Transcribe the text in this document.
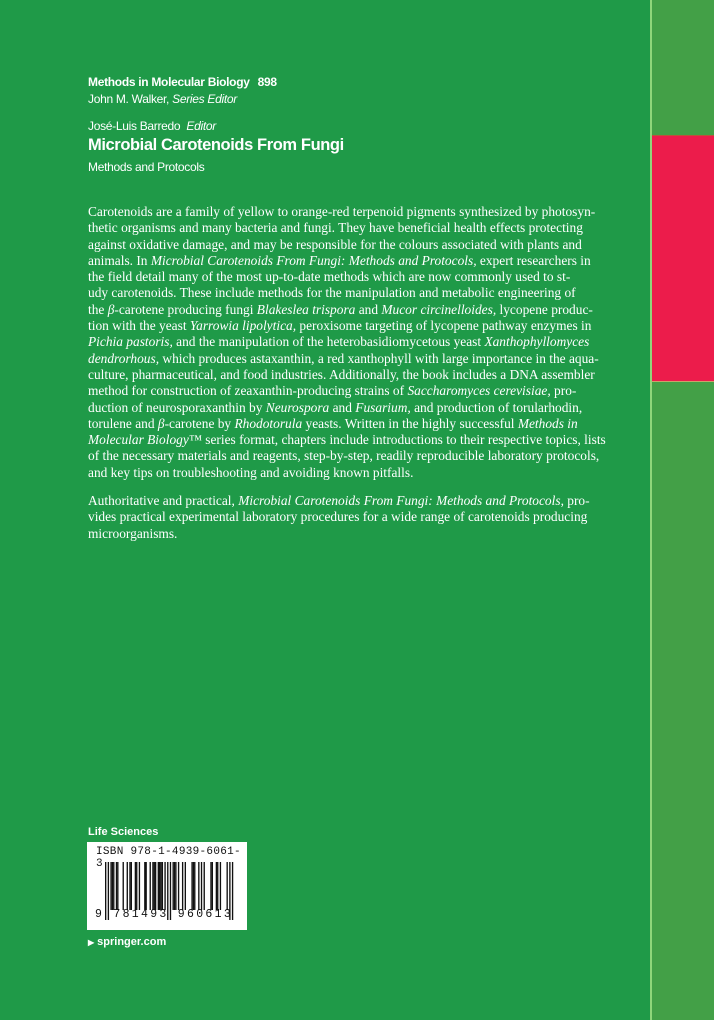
Methods in Molecular Biology 898
John M. Walker, Series Editor
José-Luis Barredo Editor
Microbial Carotenoids From Fungi
Methods and Protocols
Carotenoids are a family of yellow to orange-red terpenoid pigments synthesized by photosyn-
thetic organisms and many bacteria and fungi. They have beneficial health effects protecting
against oxidative damage, and may be responsible for the colours associated with plants and
animals. In Microbial Carotenoids From Fungi: Methods and Protocols, expert researchers in
the field detail many of the most up-to-date methods which are now commonly used to st-
udy carotenoids. These include methods for the manipulation and metabolic engineering of
the β-carotene producing fungi Blakeslea trispora and Mucor circinelloides, lycopene produc-
tion with the yeast Yarrowia lipolytica, peroxisome targeting of lycopene pathway enzymes in
Pichia pastoris, and the manipulation of the heterobasidiomycetous yeast Xanthophyllomyces
dendrorhous, which produces astaxanthin, a red xanthophyll with large importance in the aqua-
culture, pharmaceutical, and food industries. Additionally, the book includes a DNA assembler
method for construction of zeaxanthin-producing strains of Saccharomyces cerevisiae, pro-
duction of neurosporaxanthin by Neurospora and Fusarium, and production of torularhodin,
torulene and β-carotene by Rhodotorula yeasts. Written in the highly successful Methods in
Molecular Biology™ series format, chapters include introductions to their respective topics, lists
of the necessary materials and reagents, step-by-step, readily reproducible laboratory protocols,
and key tips on troubleshooting and avoiding known pitfalls.
Authoritative and practical, Microbial Carotenoids From Fungi: Methods and Protocols, pro-
vides practical experimental laboratory procedures for a wide range of carotenoids producing
microorganisms.
Life Sciences
ISBN 978-1-4939-6061-3
9 781493 960613
▶ springer.com
